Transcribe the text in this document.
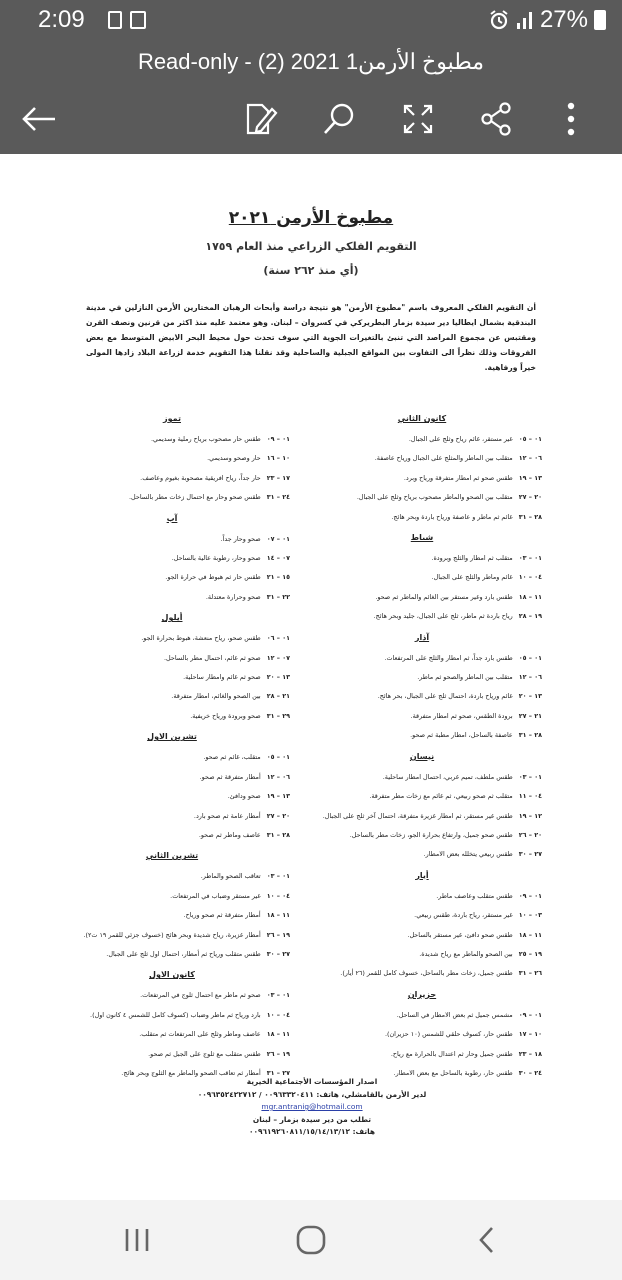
2:09	27%
Read-only - (2) 2021 مطبوخ الأرمن1
مطبوخ الأرمن ٢٠٢١
التقويم الفلكي الزراعي منذ العام ١٧٥٩
(أي منذ ٢٦٢ سنة)
أن التقويم الفلكي المعروف باسم "مطبوخ الأرمن" هو نتيجة دراسة وأبحاث الرهبان المختارين الأرمن النازلين في مدينة البندقية بشمال ايطاليا دير سيدة بزمار البطريركي في كسروان – لبنان. وهو معتمد عليه منذ اكثر من قرنين ونصف القرن ومقتبس عن مجموع المراصد التي تنبئ بالتغيرات الجوية التي سوف تحدث حول محيط البحر الابيض المتوسط مع بعض الفروقات وذلك نظراً الى التفاوت بين المواقع الجبلية والساحلية وقد نقلنا هذا التقويم خدمة لزراعة البلاد زادها المولى خيراً ورفاهية.
كانون الثاني
٠١ – ٠٥غير مستقر، غائم رياح وثلج على الجبال.
٠٦ – ١٢متقلب بين الماطر والمثلج على الجبال ورياح عاصفة.
١٣ – ١٩طقس صحو ثم امطار متفرقة ورياح وبرد.
٢٠ – ٢٧متقلب بين الصحو والماطر مصحوب برياح وثلج على الجبال.
٢٨ – ٣١غائم ثم ماطر و عاصفة ورياح باردة وبحر هائج.
شباط
٠١ – ٠٣متقلب ثم امطار والثلج وبرودة.
٠٤ – ١٠غائم وماطر والثلج على الجبال.
١١ – ١٨طقس بارد وغير مستقر بين الغائم والماطر ثم صحو.
١٩ – ٢٨رياح باردة ثم ماطر، ثلج على الجبال، جليد وبحر هائج.
آذار
٠١ – ٠٥طقس بارد جداً، ثم امطار والثلج على المرتفعات.
٠٦ – ١٢متقلب بين الماطر والصحو ثم ماطر.
١٣ – ٢٠غائم ورياح باردة، احتمال ثلج على الجبال، بحر هائج.
٢١ – ٢٧برودة الطقس، صحو ثم امطار متفرقة.
٢٨ – ٣١عاصفة بالساحل، امطار مطبة ثم صحو.
نيسان
٠١ – ٠٣طقس ملطف، تميم غربي، احتمال امطار ساحلية.
٠٤ – ١١متقلب ثم صحو ربيعي، ثم غائم مع زخات مطر متفرقة.
١٢ – ١٩طقس غير مستقر، ثم امطار غزيرة متفرقة، احتمال آخر ثلج على الجبال.
٢٠ – ٢٦طقس صحو جميل، وارتفاع بحرارة الجو، زخات مطر بالساحل.
٢٧ – ٣٠طقس ربيعي يتخلله بعض الامطار.
أيار
٠١ – ٠٩طقس متقلب وعاصف ماطر.
٠٣ – ١٠غير مستقر، رياح باردة، طقس ربيعي.
١١ – ١٨طقس صحو دافئ، غير مستقر بالساحل.
١٩ – ٢٥بين الصحو والماطر مع رياح شديدة.
٢٦ – ٣١طقس جميل، زخات مطر بالساحل، خسوف كامل للقمر (٢٦ أيار).
حزيران
٠١ – ٠٩مشمس جميل ثم بعض الامطار في الساحل.
١٠ – ١٧طقس حار، كسوف حلقي للشمس (١٠ حزيران).
١٨ – ٢٣طقس جميل وحار ثم اعتدال بالحرارة مع رياح.
٢٤ – ٣٠طقس حار، رطوبة بالساحل مع بعض الامطار.
تموز
٠١ – ٠٩طقس حار مصحوب برياح رملية وسديمي.
١٠ – ١٦حار وصحو وسديمي.
١٧ – ٢٣حار جداً، رياح افريقية مصحوبة بغيوم وعاصف.
٢٤ – ٣١طقس صحو وحار مع احتمال زخات مطر بالساحل.
آب
٠١ – ٠٧صحو وحار جداً.
٠٧ – ١٤صحو وحار، رطوبة عالية بالساحل.
١٥ – ٢١طقس حار ثم هبوط في حرارة الجو.
٢٢ – ٣١صحو وحرارة معتدلة.
أيلول
٠١ – ٠٦طقس صحو، رياح منعشة، هبوط بحرارة الجو.
٠٧ – ١٢صحو ثم غائم، احتمال مطر بالساحل.
١٣ – ٢٠صحو ثم غائم وامطار ساحلية.
٢١ – ٢٨بين الصحو والغائم، امطار متفرقة.
٢٩ – ٣١صحو وبرودة ورياح خريفية.
تشرين الاول
٠١ – ٠٥متقلب، غائم ثم صحو.
٠٦ – ١٢أمطار متفرقة ثم صحو.
١٣ – ١٩صحو ودافئ.
٢٠ – ٢٧أمطار عامة ثم صحو بارد.
٢٨ – ٣١عاصف وماطر ثم صحو.
تشرين الثاني
٠١ – ٠٣تعاقب الصحو والماطر.
٠٤ – ١٠غير مستقر وضباب في المرتفعات.
١١ – ١٨أمطار متفرقة ثم صحو ورياح.
١٩ – ٢٦أمطار غزيرة، رياح شديدة وبحر هائج (خسوف جزئي للقمر ١٩ ت٢).
٢٧ – ٣٠طقس متقلب ورياح ثم أمطار، احتمال اول ثلج على الجبال.
كانون الاول
٠١ – ٠٣صحو ثم ماطر مع احتمال ثلوج في المرتفعات.
٠٤ – ١٠بارد ورياح ثم ماطر وضباب (كسوف كامل للشمس ٤ كانون اول).
١١ – ١٨عاصف وماطر وثلج على المرتفعات ثم متقلب.
١٩ – ٢٦طقس متقلب مع ثلوج على الجبل ثم صحو.
٢٧ – ٣١أمطار ثم تعاقب الصحو والماطر مع الثلوج وبحر هائج.
اصدار المؤسسات الأجتماعية الخيرية
لدير الأرمن بالقامشلي، هاتف: ٠٠٩٦٣٣٢٠٤١١ / ٠٠٩٦٣٥٢٤٢٢٧١٢
mgr.antranig@hotmail.com
تطلب من دير سيدة بزمار – لبنان
هاتف: ٠٠٩٦١٩٢٦٠٨١١/١٥/١٤/١٣/١٢
